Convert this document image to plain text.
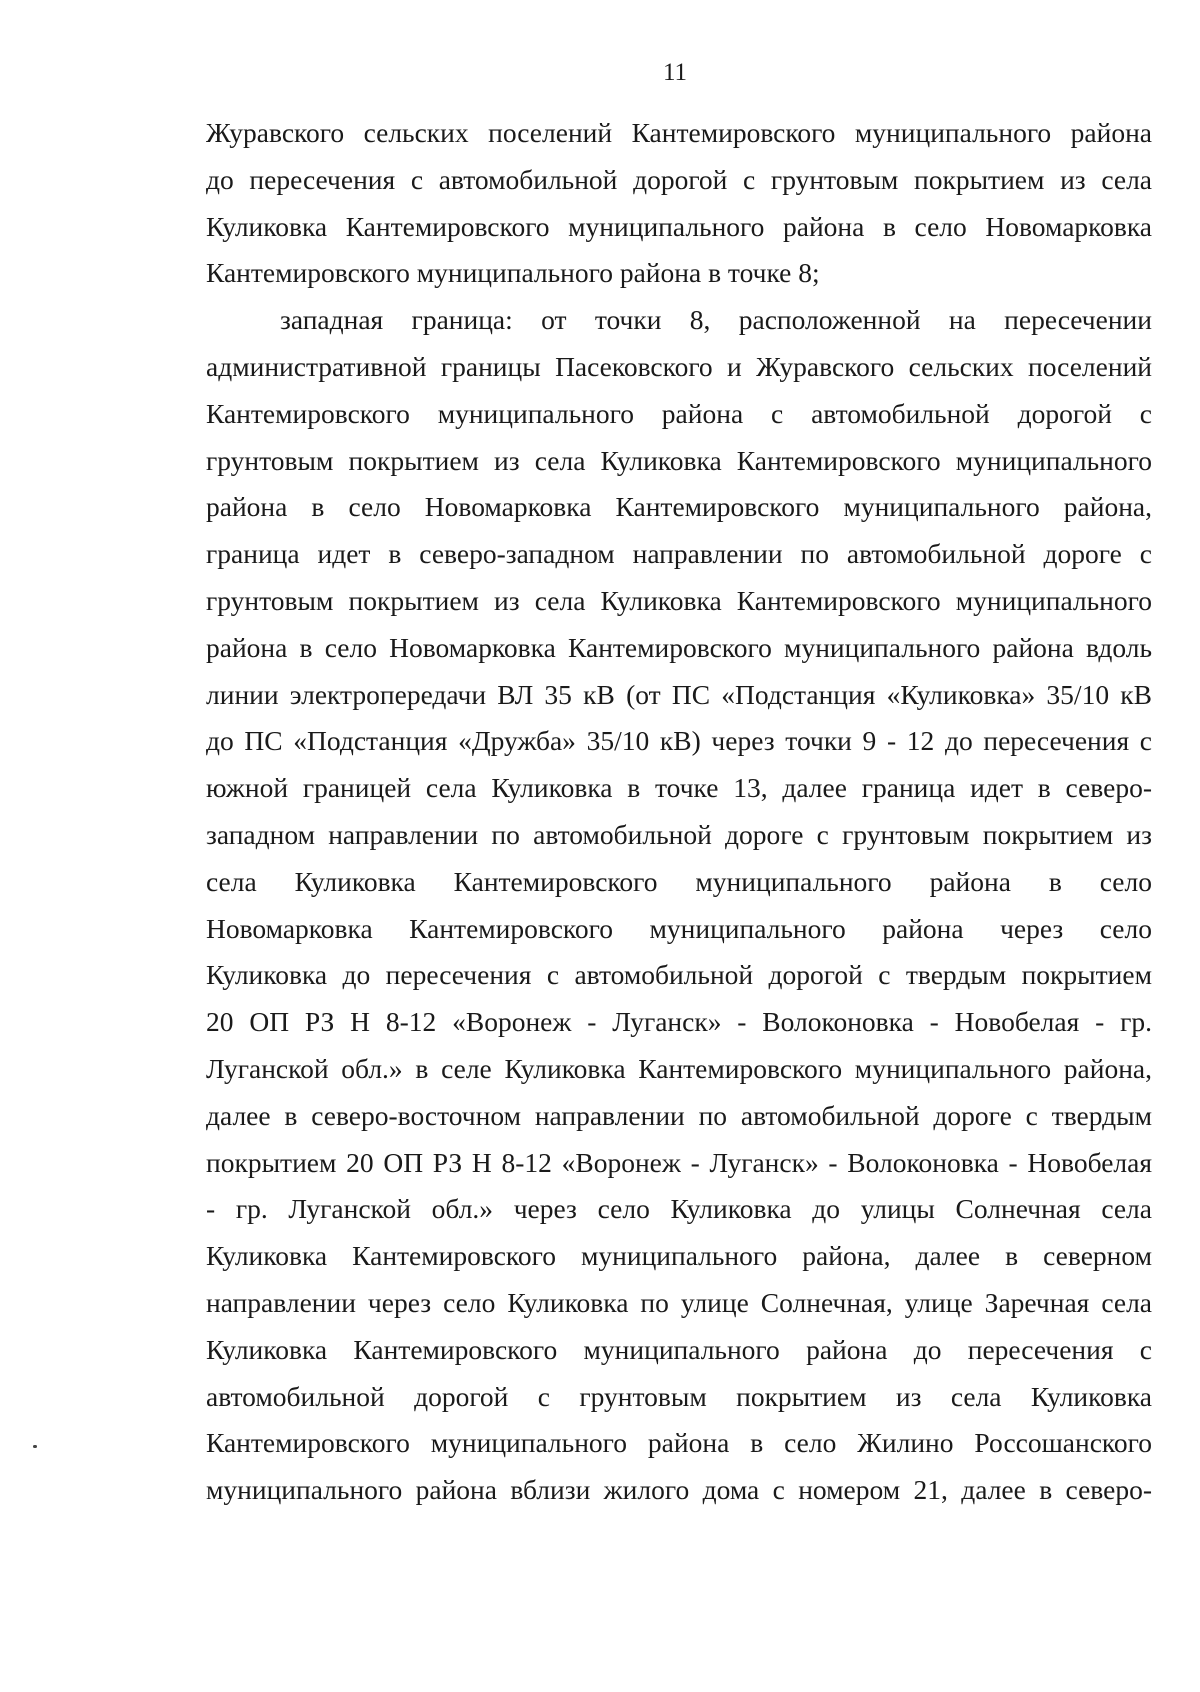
11
Журавского сельских поселений Кантемировского муниципального района
до пересечения с автомобильной дорогой с грунтовым покрытием из села
Куликовка Кантемировского муниципального района в село Новомарковка
Кантемировского муниципального района в точке 8;
западная граница: от точки 8, расположенной на пересечении
административной границы Пасековского и Журавского сельских поселений
Кантемировского муниципального района с автомобильной дорогой с
грунтовым покрытием из села Куликовка Кантемировского муниципального
района в село Новомарковка Кантемировского муниципального района,
граница идет в северо-западном направлении по автомобильной дороге с
грунтовым покрытием из села Куликовка Кантемировского муниципального
района в село Новомарковка Кантемировского муниципального района вдоль
линии электропередачи ВЛ 35 кВ (от ПС «Подстанция «Куликовка» 35/10 кВ
до ПС «Подстанция «Дружба» 35/10 кВ) через точки 9 - 12 до пересечения с
южной границей села Куликовка в точке 13, далее граница идет в северо-
западном направлении по автомобильной дороге с грунтовым покрытием из
села Куликовка Кантемировского муниципального района в село
Новомарковка Кантемировского муниципального района через село
Куликовка до пересечения с автомобильной дорогой с твердым покрытием
20 ОП РЗ Н 8-12 «Воронеж - Луганск» - Волоконовка - Новобелая - гр.
Луганской обл.» в селе Куликовка Кантемировского муниципального района,
далее в северо-восточном направлении по автомобильной дороге с твердым
покрытием 20 ОП РЗ Н 8-12 «Воронеж - Луганск» - Волоконовка - Новобелая
- гр. Луганской обл.» через село Куликовка до улицы Солнечная села
Куликовка Кантемировского муниципального района, далее в северном
направлении через село Куликовка по улице Солнечная, улице Заречная села
Куликовка Кантемировского муниципального района до пересечения с
автомобильной дорогой с грунтовым покрытием из села Куликовка
Кантемировского муниципального района в село Жилино Россошанского
муниципального района вблизи жилого дома с номером 21, далее в северо-
